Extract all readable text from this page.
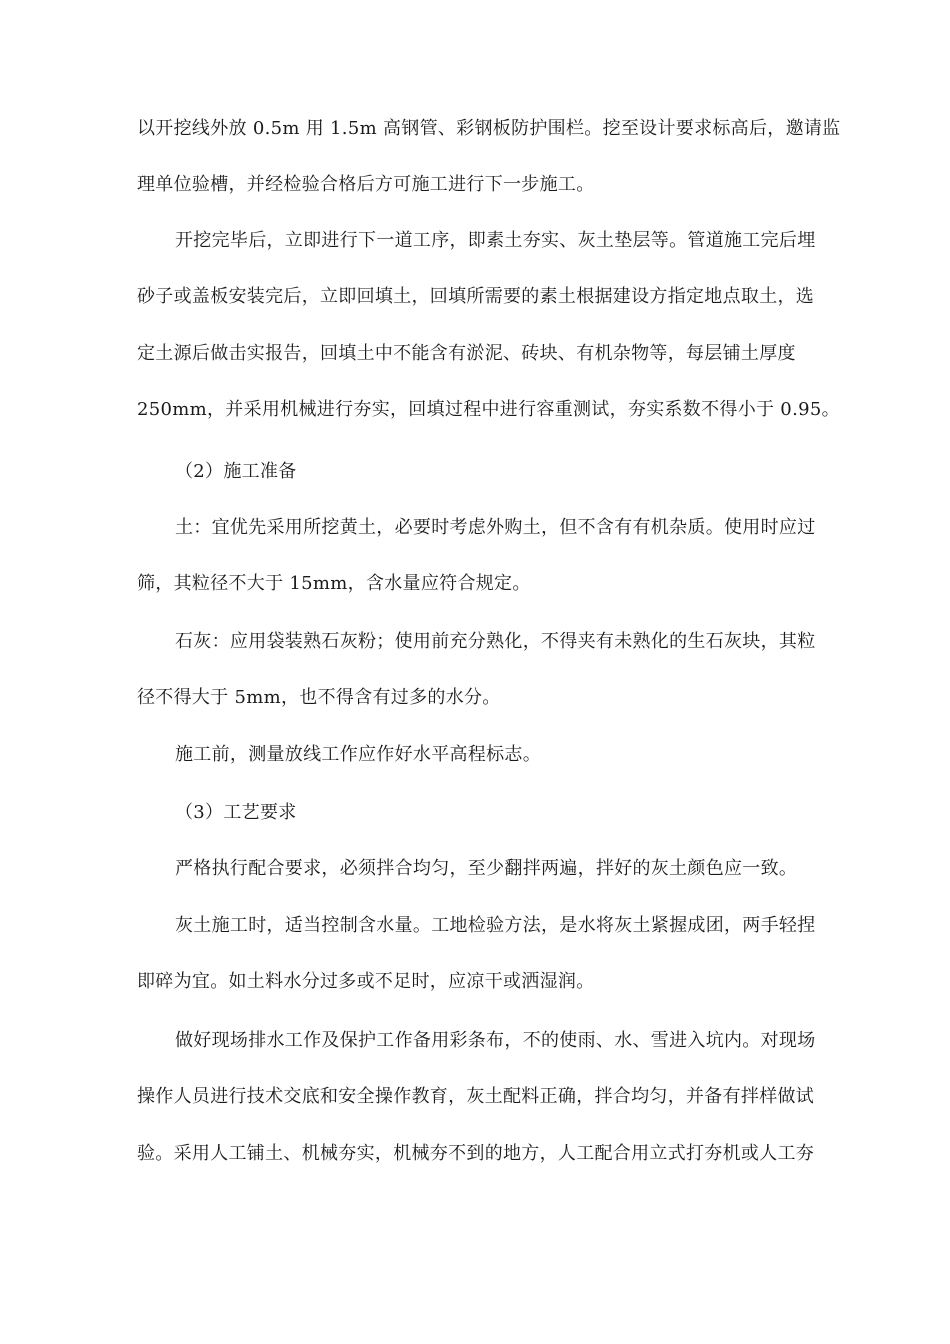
以开挖线外放 0.5m 用 1.5m 高钢管、彩钢板防护围栏。挖至设计要求标高后，邀请监
理单位验槽，并经检验合格后方可施工进行下一步施工。
开挖完毕后，立即进行下一道工序，即素土夯实、灰土垫层等。管道施工完后埋
砂子或盖板安装完后，立即回填土，回填所需要的素土根据建设方指定地点取土，选
定土源后做击实报告，回填土中不能含有淤泥、砖块、有机杂物等，每层铺土厚度
250mm，并采用机械进行夯实，回填过程中进行容重测试，夯实系数不得小于 0.95。
（2）施工准备
土：宜优先采用所挖黄土，必要时考虑外购土，但不含有有机杂质。使用时应过
筛，其粒径不大于 15mm，含水量应符合规定。
石灰：应用袋装熟石灰粉；使用前充分熟化，不得夹有未熟化的生石灰块，其粒
径不得大于 5mm，也不得含有过多的水分。
施工前，测量放线工作应作好水平高程标志。
（3）工艺要求
严格执行配合要求，必须拌合均匀，至少翻拌两遍，拌好的灰土颜色应一致。
灰土施工时，适当控制含水量。工地检验方法，是水将灰土紧握成团，两手轻捏
即碎为宜。如土料水分过多或不足时，应凉干或洒湿润。
做好现场排水工作及保护工作备用彩条布，不的使雨、水、雪进入坑内。对现场
操作人员进行技术交底和安全操作教育，灰土配料正确，拌合均匀，并备有拌样做试
验。采用人工铺土、机械夯实，机械夯不到的地方，人工配合用立式打夯机或人工夯
